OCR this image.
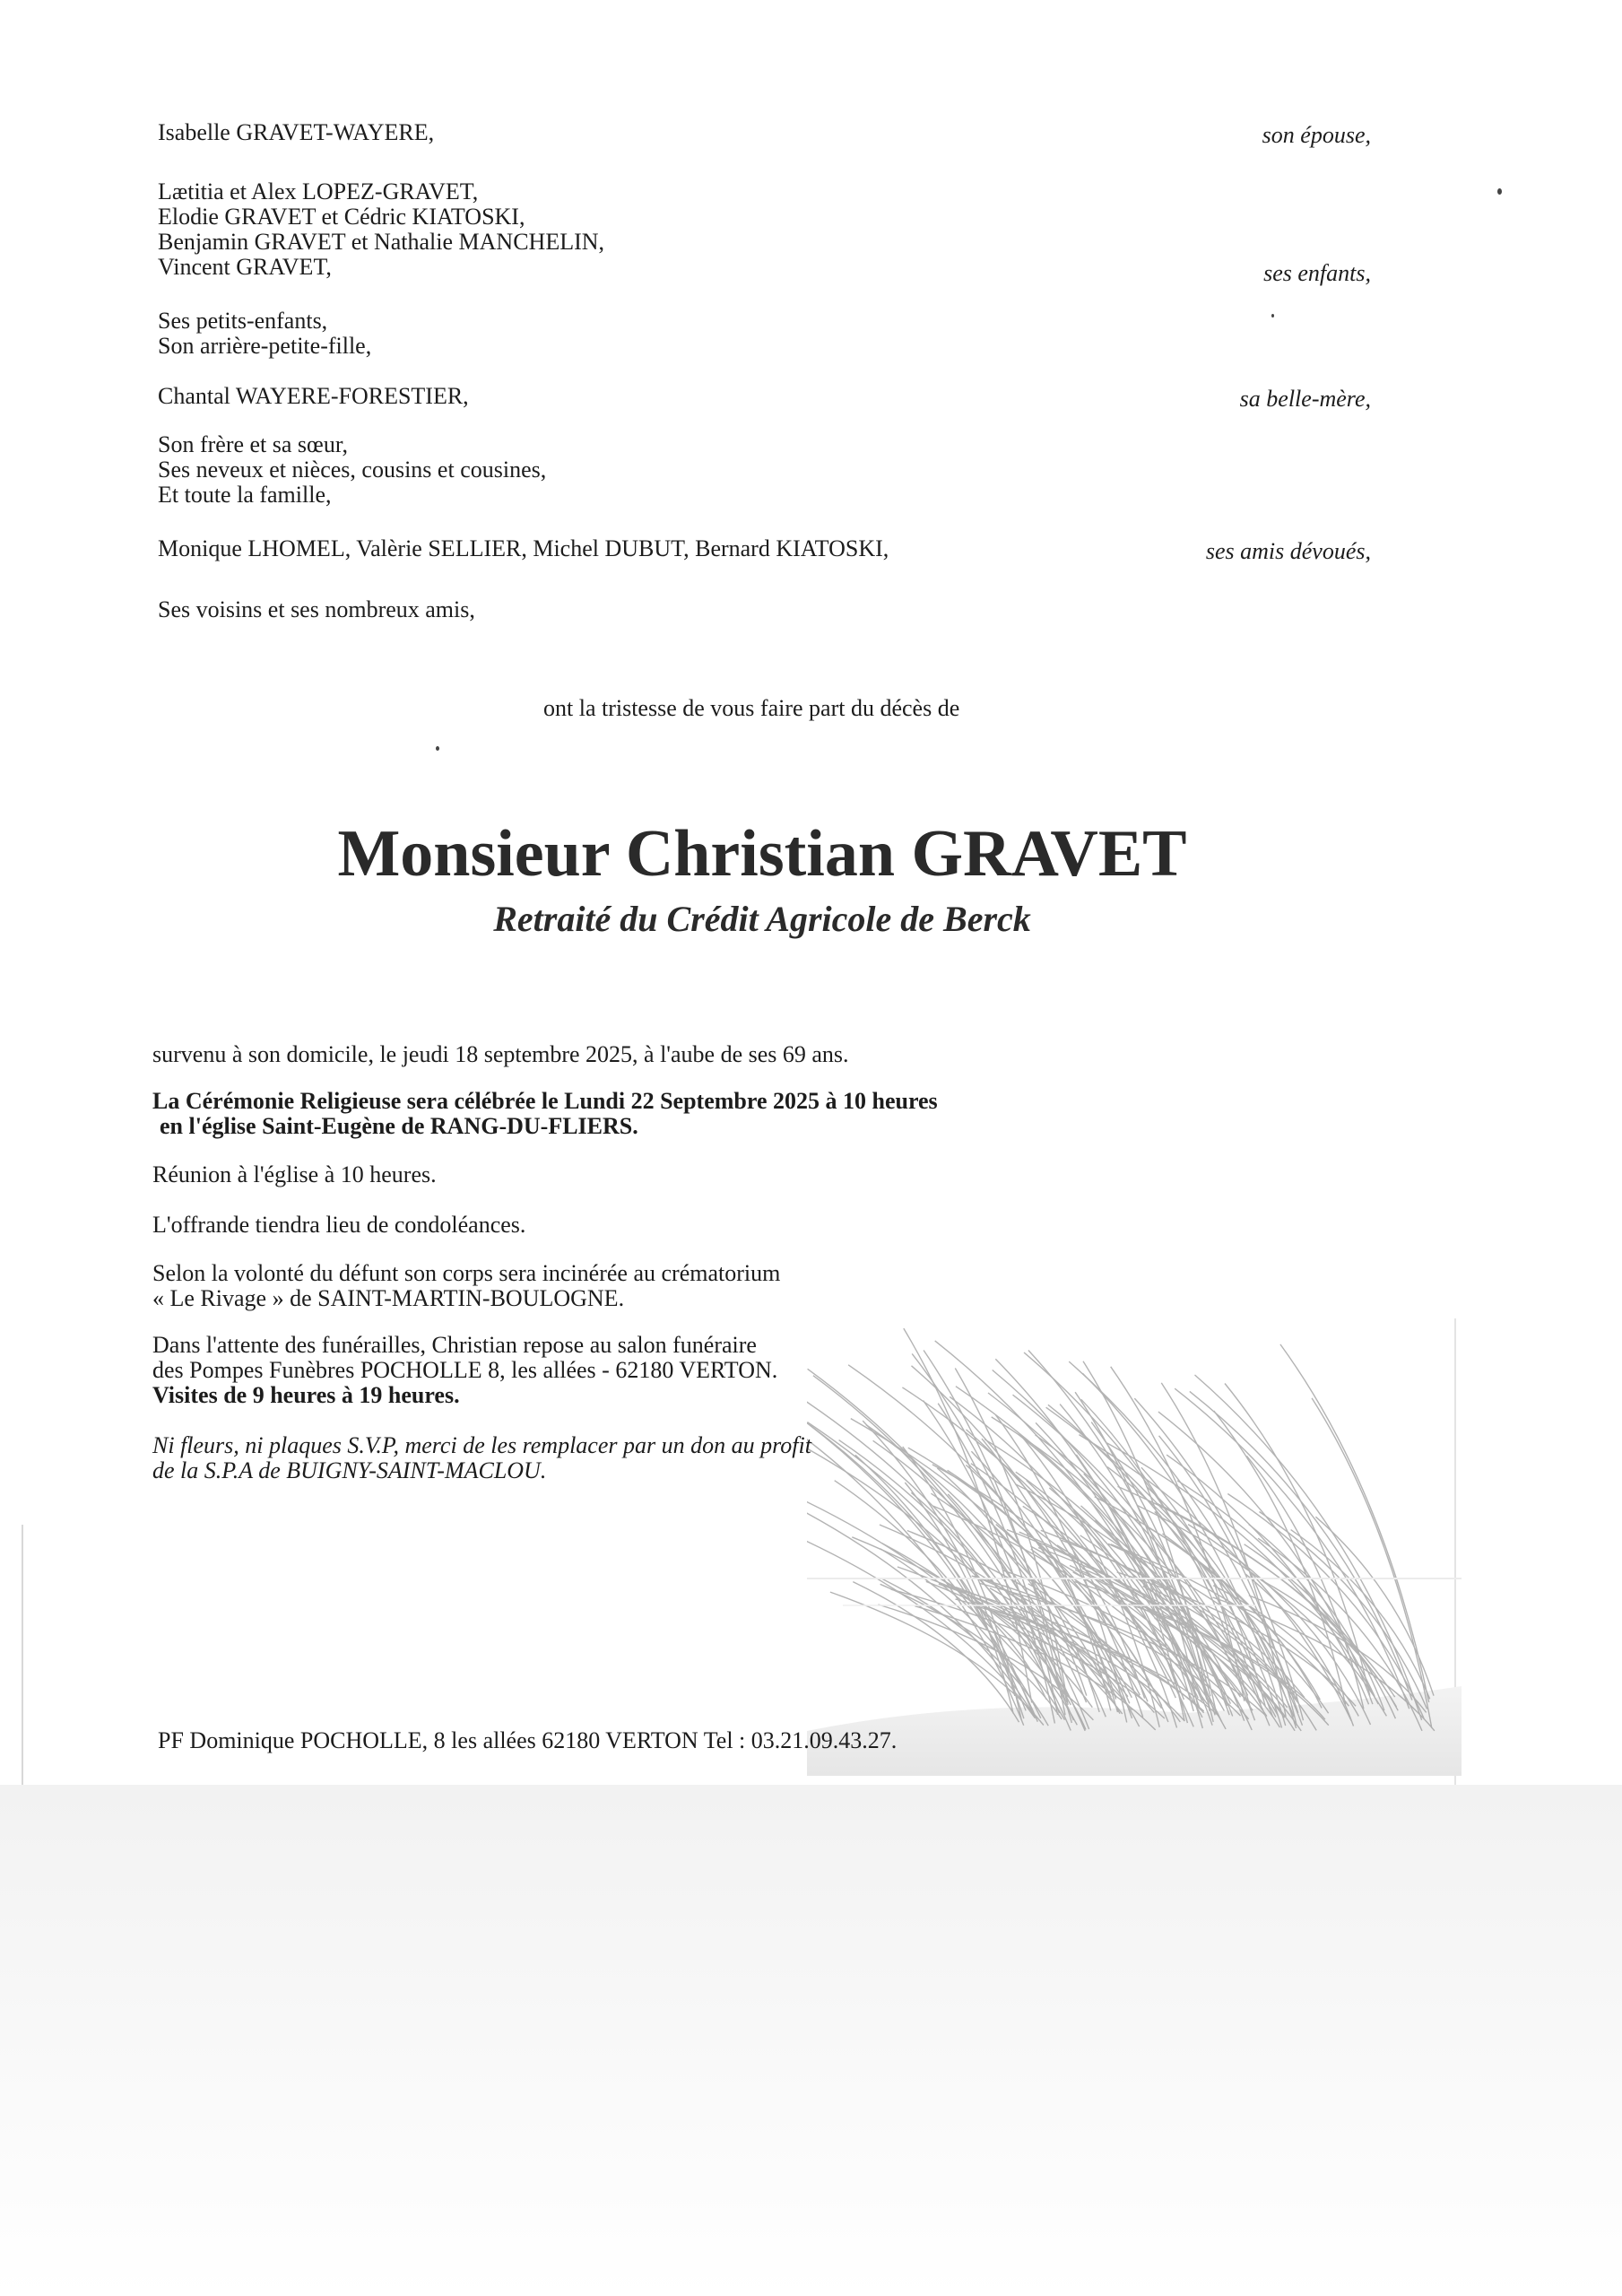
Isabelle GRAVET-WAYERE,	son épouse,
Lætitia et Alex LOPEZ-GRAVET,
Elodie GRAVET et Cédric KIATOSKI,
Benjamin GRAVET et Nathalie MANCHELIN,
Vincent GRAVET,	ses enfants,
Ses petits-enfants,
Son arrière-petite-fille,
Chantal WAYERE-FORESTIER,	sa belle-mère,
Son frère et sa sœur,
Ses neveux et nièces, cousins et cousines,
Et toute la famille,
Monique LHOMEL, Valèrie SELLIER, Michel DUBUT, Bernard KIATOSKI,	ses amis dévoués,
Ses voisins et ses nombreux amis,
ont la tristesse de vous faire part du décès de
Monsieur Christian GRAVET
Retraité du Crédit Agricole de Berck
survenu à son domicile, le jeudi 18 septembre 2025, à l'aube de ses 69 ans.
La Cérémonie Religieuse sera célébrée le Lundi 22 Septembre 2025 à 10 heures
en l'église Saint-Eugène de RANG-DU-FLIERS.
Réunion à l'église à 10 heures.
L'offrande tiendra lieu de condoléances.
Selon la volonté du défunt son corps sera incinérée au crématorium
« Le Rivage » de SAINT-MARTIN-BOULOGNE.
Dans l'attente des funérailles, Christian repose au salon funéraire
des Pompes Funèbres POCHOLLE 8, les allées - 62180 VERTON.
Visites de 9 heures à 19 heures.
Ni fleurs, ni plaques S.V.P, merci de les remplacer par un don au profit
de la S.P.A de BUIGNY-SAINT-MACLOU.
PF Dominique POCHOLLE, 8 les allées 62180 VERTON Tel : 03.21.09.43.27.
